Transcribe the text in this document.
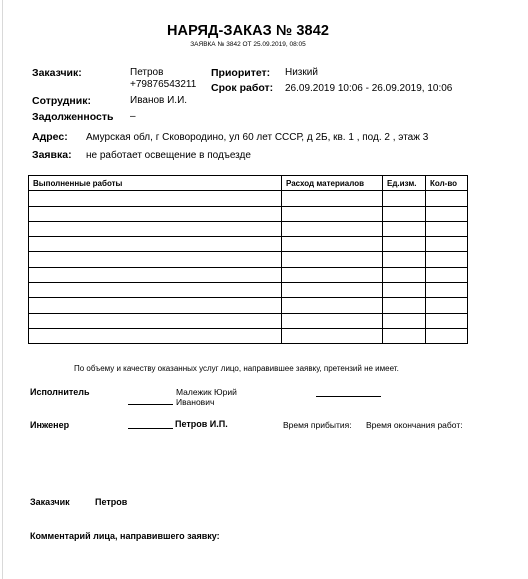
НАРЯД-ЗАКАЗ № 3842
ЗАЯВКА № 3842 ОТ 25.09.2019, 08:05
Заказчик:	Петров
+79876543211
Сотрудник:	Иванов И.И.
Задолженность –
Приоритет: Низкий
Срок работ: 26.09.2019 10:06 - 26.09.2019, 10:06
Адрес: Амурская обл, г Сковородино, ул 60 лет СССР, д 2Б, кв. 1 , под. 2 , этаж 3
Заявка: не работает освещение в подъезде
Выполненные работы	Расход материалов	Ед.изм.	Кол-во

По объему и качеству оказанных услуг лицо, направившее заявку, претензий не имеет.
Исполнитель	Малежик Юрий
Иванович
Инженер	Петров И.П.	Время прибытия: Время окончания работ:
Заказчик	Петров
Комментарий лица, направившего заявку:
